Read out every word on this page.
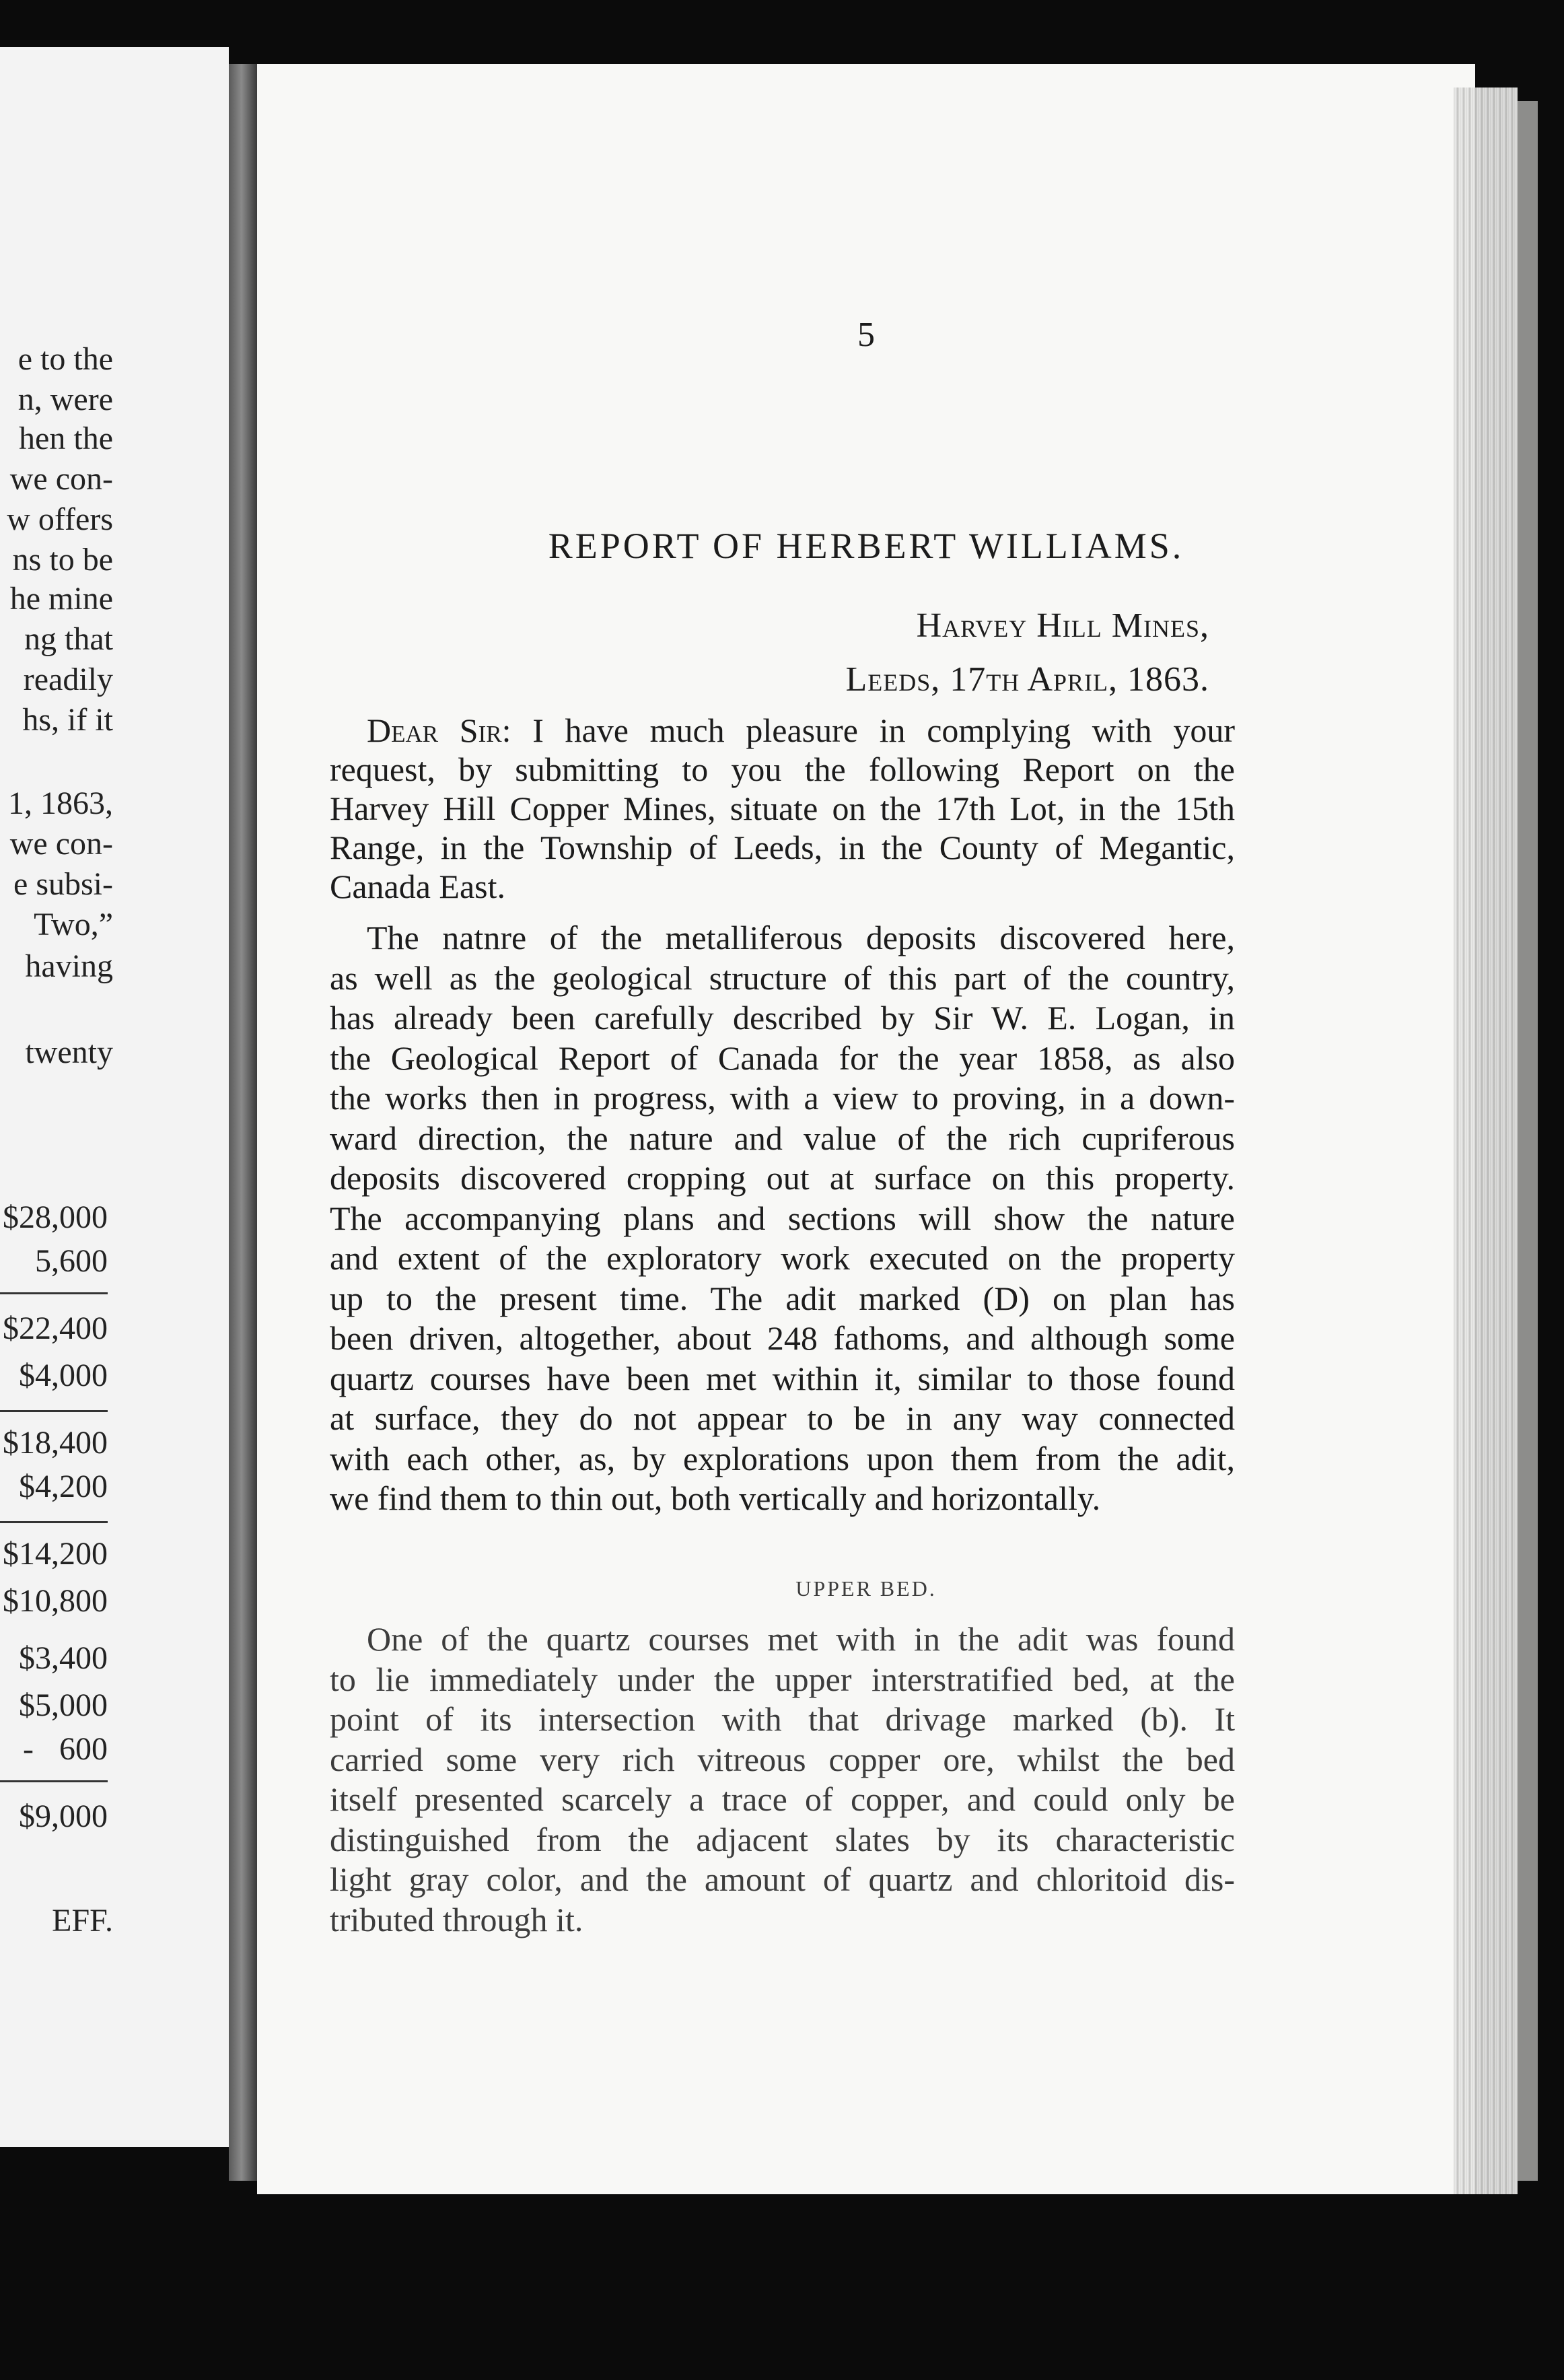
e to the
n, were
hen the
we con-
w offers
ns to be
he mine
ng that
readily
hs, if it
1, 1863,
we con-
e subsi-
Two,”
having
twenty
$28,000
5,600
$22,400
$4,000
$18,400
$4,200
$14,200
$10,800
$3,400
$5,000
600
$9,000
-
EFF.

5

REPORT OF HERBERT WILLIAMS.

Harvey Hill Mines,

Leeds, 17th April, 1863.

Dear Sir: I have much pleasure in complying with your

request, by submitting to you the following Report on the

Harvey Hill Copper Mines, situate on the 17th Lot, in the 15th

Range, in the Township of Leeds, in the County of Megantic,

Canada East.

The natnre of the metalliferous deposits discovered here,

as well as the geological structure of this part of the country,

has already been carefully described by Sir W. E. Logan, in

the Geological Report of Canada for the year 1858, as also

the works then in progress, with a view to proving, in a down-

ward direction, the nature and value of the rich cupriferous

deposits discovered cropping out at surface on this property.

The accompanying plans and sections will show the nature

and extent of the exploratory work executed on the property

up to the present time. The adit marked (D) on plan has

been driven, altogether, about 248 fathoms, and although some

quartz courses have been met within it, similar to those found

at surface, they do not appear to be in any way connected

with each other, as, by explorations upon them from the adit,

we find them to thin out, both vertically and horizontally.

One of the quartz courses met with in the adit was found

to lie immediately under the upper interstratified bed, at the

point of its intersection with that drivage marked (b). It

carried some very rich vitreous copper ore, whilst the bed

itself presented scarcely a trace of copper, and could only be

distinguished from the adjacent slates by its characteristic

light gray color, and the amount of quartz and chloritoid dis-

tributed through it.

UPPER BED.
